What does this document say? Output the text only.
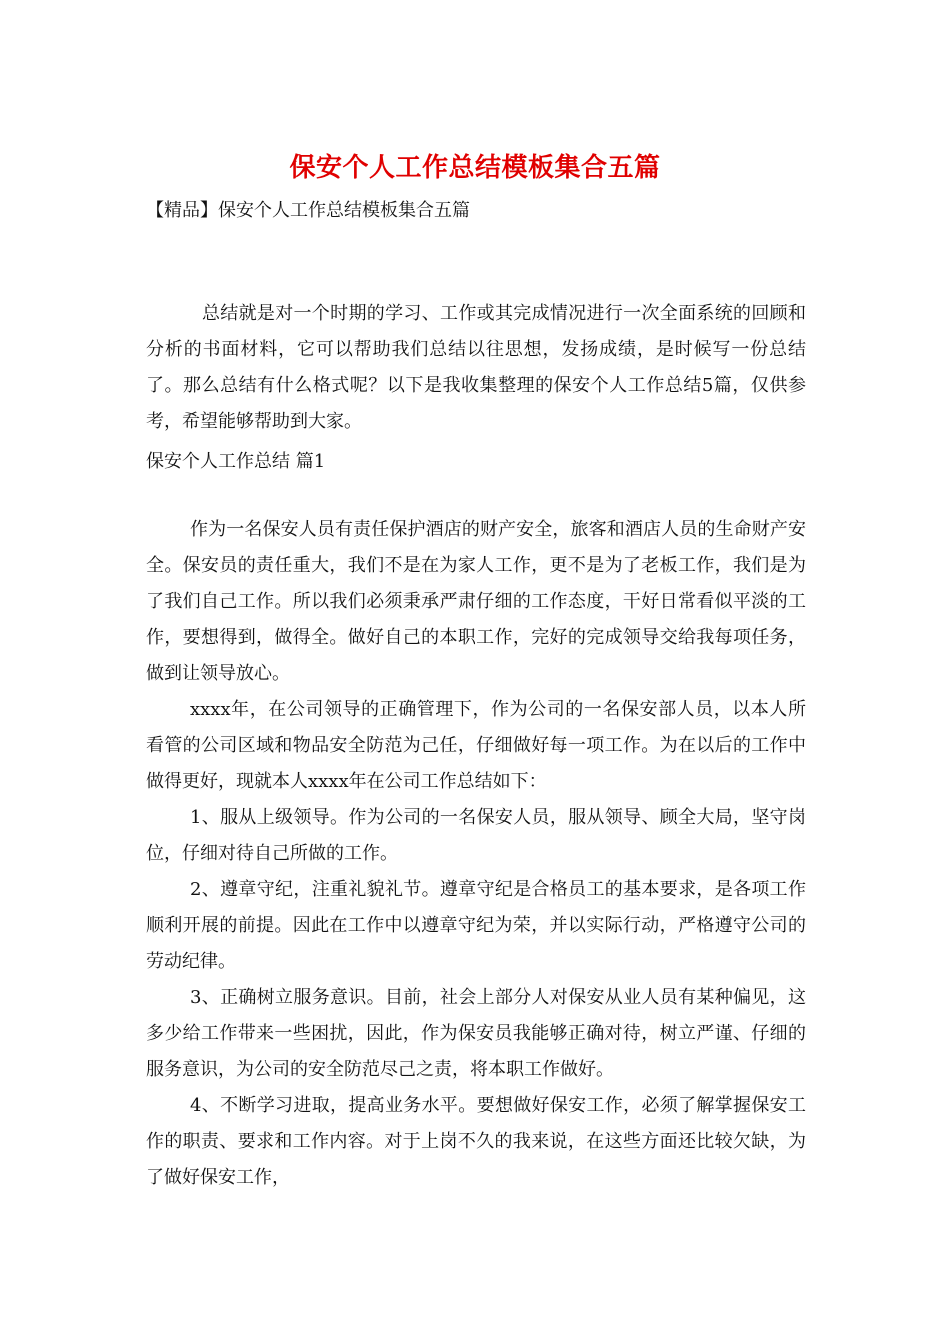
保安个人工作总结模板集合五篇
【精品】保安个人工作总结模板集合五篇
总结就是对一个时期的学习、工作或其完成情况进行一次全面系统的回顾和分析的书面材料，它可以帮助我们总结以往思想，发扬成绩，是时候写一份总结了。那么总结有什么格式呢？以下是我收集整理的保安个人工作总结5篇，仅供参考，希望能够帮助到大家。
保安个人工作总结 篇1

作为一名保安人员有责任保护酒店的财产安全，旅客和酒店人员的生命财产安全。保安员的责任重大，我们不是在为家人工作，更不是为了老板工作，我们是为了我们自己工作。所以我们必须秉承严肃仔细的工作态度，干好日常看似平淡的工作，要想得到，做得全。做好自己的本职工作，完好的完成领导交给我每项任务，做到让领导放心。

xxxx年，在公司领导的正确管理下，作为公司的一名保安部人员，以本人所看管的公司区域和物品安全防范为己任，仔细做好每一项工作。为在以后的工作中做得更好，现就本人xxxx年在公司工作总结如下：

1、服从上级领导。作为公司的一名保安人员，服从领导、顾全大局，坚守岗位，仔细对待自己所做的工作。

2、遵章守纪，注重礼貌礼节。遵章守纪是合格员工的基本要求，是各项工作顺利开展的前提。因此在工作中以遵章守纪为荣，并以实际行动，严格遵守公司的劳动纪律。

3、正确树立服务意识。目前，社会上部分人对保安从业人员有某种偏见，这多少给工作带来一些困扰，因此，作为保安员我能够正确对待，树立严谨、仔细的服务意识，为公司的安全防范尽己之责，将本职工作做好。

4、不断学习进取，提高业务水平。要想做好保安工作，必须了解掌握保安工作的职责、要求和工作内容。对于上岗不久的我来说，在这些方面还比较欠缺，为了做好保安工作，
